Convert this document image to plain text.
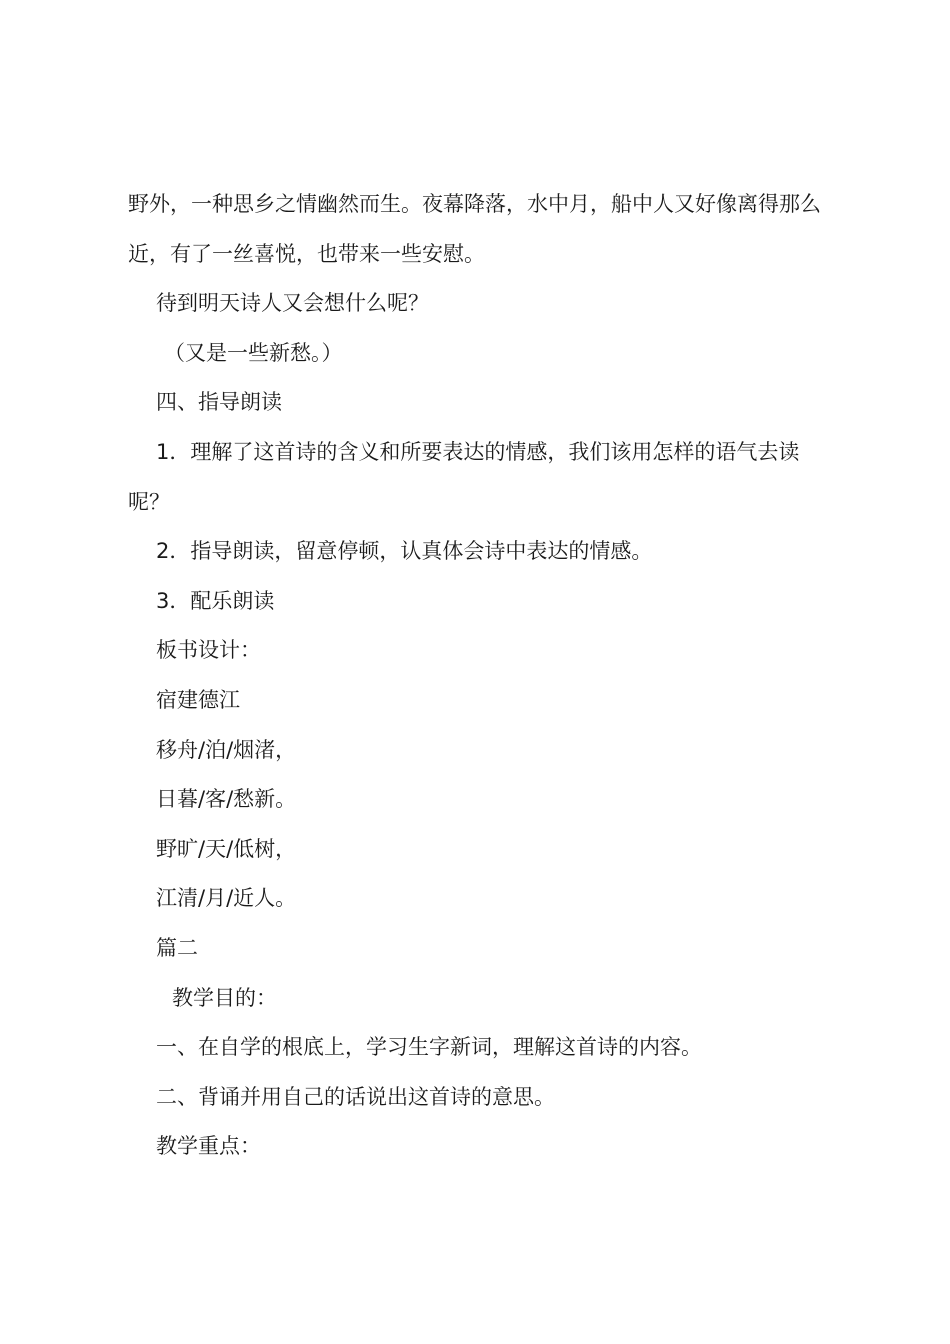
野外，一种思乡之情幽然而生。夜幕降落，水中月，船中人又好像离得那么近，有了一丝喜悦，也带来一些安慰。

待到明天诗人又会想什么呢？

（又是一些新愁。）

四、指导朗读

1．理解了这首诗的含义和所要表达的情感，我们该用怎样的语气去读呢？

2．指导朗读，留意停顿，认真体会诗中表达的情感。

3．配乐朗读

板书设计：

宿建德江

移舟/泊/烟渚，

日暮/客/愁新。

野旷/天/低树，

江清/月/近人。

篇二

教学目的：

一、在自学的根底上，学习生字新词，理解这首诗的内容。

二、背诵并用自己的话说出这首诗的意思。

教学重点：
